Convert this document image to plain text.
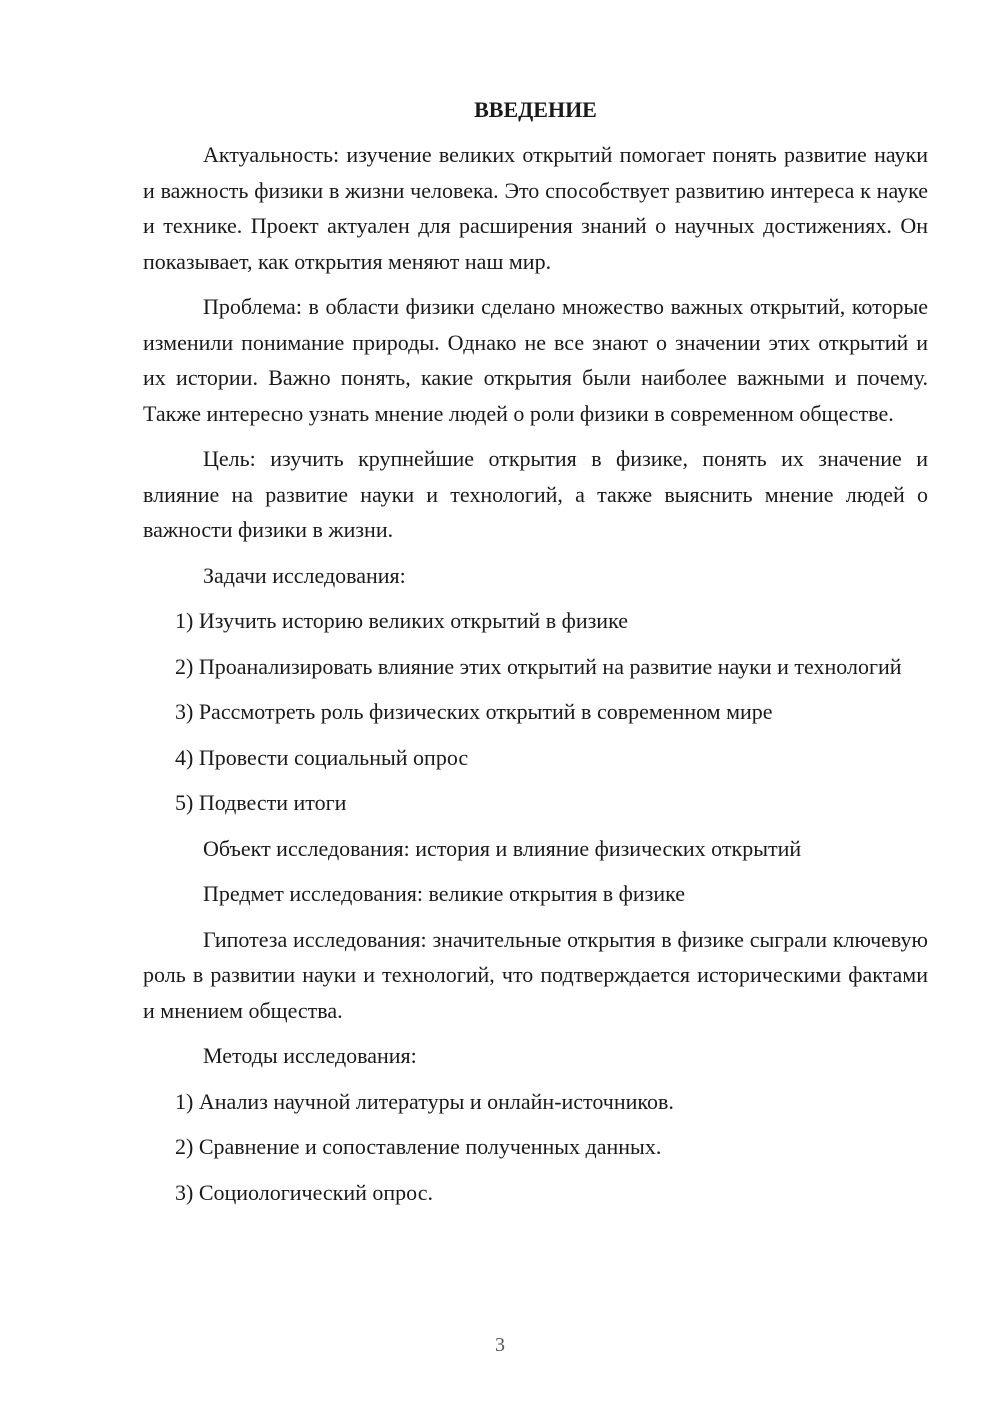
ВВЕДЕНИЕ

Актуальность: изучение великих открытий помогает понять развитие науки и важность физики в жизни человека. Это способствует развитию интереса к науке и технике. Проект актуален для расширения знаний о научных достижениях. Он показывает, как открытия меняют наш мир.

Проблема: в области физики сделано множество важных открытий, которые изменили понимание природы. Однако не все знают о значении этих открытий и их истории. Важно понять, какие открытия были наиболее важными и почему. Также интересно узнать мнение людей о роли физики в современном обществе.

Цель: изучить крупнейшие открытия в физике, понять их значение и влияние на развитие науки и технологий, а также выяснить мнение людей о важности физики в жизни.

Задачи исследования:

1) Изучить историю великих открытий в физике

2) Проанализировать влияние этих открытий на развитие науки и технологий

3) Рассмотреть роль физических открытий в современном мире

4) Провести социальный опрос

5) Подвести итоги

Объект исследования: история и влияние физических открытий

Предмет исследования: великие открытия в физике

Гипотеза исследования: значительные открытия в физике сыграли ключевую роль в развитии науки и технологий, что подтверждается историческими фактами и мнением общества.

Методы исследования:

1) Анализ научной литературы и онлайн-источников.

2) Сравнение и сопоставление полученных данных.

3) Социологический опрос.

3
